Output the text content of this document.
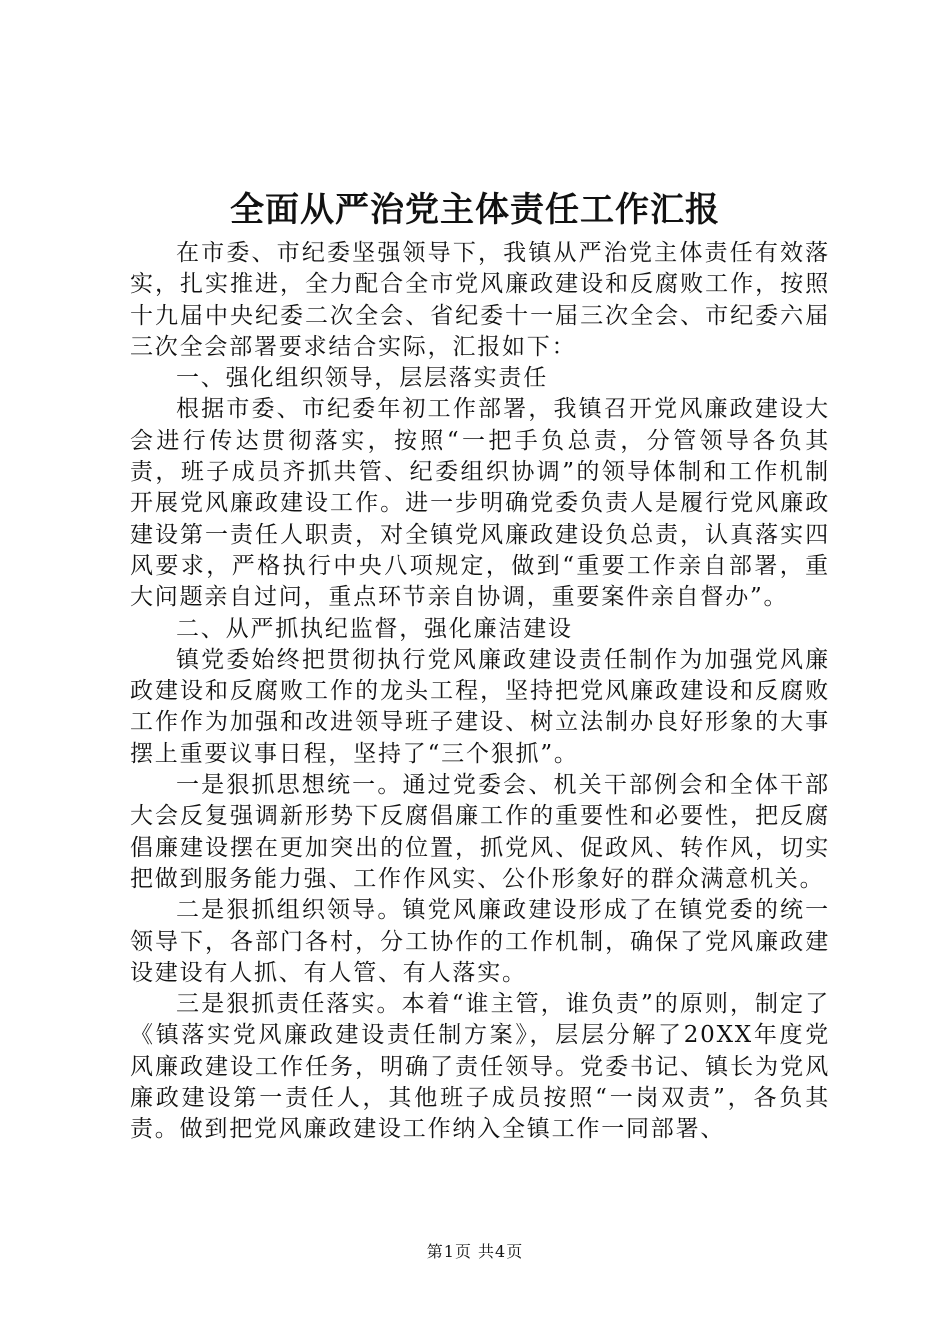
全面从严治党主体责任工作汇报

在市委、市纪委坚强领导下，我镇从严治党主体责任有效落实，扎实推进，全力配合全市党风廉政建设和反腐败工作，按照十九届中央纪委二次全会、省纪委十一届三次全会、市纪委六届三次全会部署要求结合实际，汇报如下：

一、强化组织领导，层层落实责任

根据市委、市纪委年初工作部署，我镇召开党风廉政建设大会进行传达贯彻落实，按照“一把手负总责，分管领导各负其责，班子成员齐抓共管、纪委组织协调”的领导体制和工作机制开展党风廉政建设工作。进一步明确党委负责人是履行党风廉政建设第一责任人职责，对全镇党风廉政建设负总责，认真落实四风要求，严格执行中央八项规定，做到“重要工作亲自部署，重大问题亲自过问，重点环节亲自协调，重要案件亲自督办”。

二、从严抓执纪监督，强化廉洁建设

镇党委始终把贯彻执行党风廉政建设责任制作为加强党风廉政建设和反腐败工作的龙头工程，坚持把党风廉政建设和反腐败工作作为加强和改进领导班子建设、树立法制办良好形象的大事摆上重要议事日程，坚持了“三个狠抓”。

一是狠抓思想统一。通过党委会、机关干部例会和全体干部大会反复强调新形势下反腐倡廉工作的重要性和必要性，把反腐倡廉建设摆在更加突出的位置，抓党风、促政风、转作风，切实把做到服务能力强、工作作风实、公仆形象好的群众满意机关。

二是狠抓组织领导。镇党风廉政建设形成了在镇党委的统一领导下，各部门各村，分工协作的工作机制，确保了党风廉政建设建设有人抓、有人管、有人落实。

三是狠抓责任落实。本着“谁主管，谁负责”的原则，制定了《镇落实党风廉政建设责任制方案》，层层分解了20XX年度党风廉政建设工作任务，明确了责任领导。党委书记、镇长为党风廉政建设第一责任人，其他班子成员按照“一岗双责”，各负其责。做到把党风廉政建设工作纳入全镇工作一同部署、

第1页 共4页
